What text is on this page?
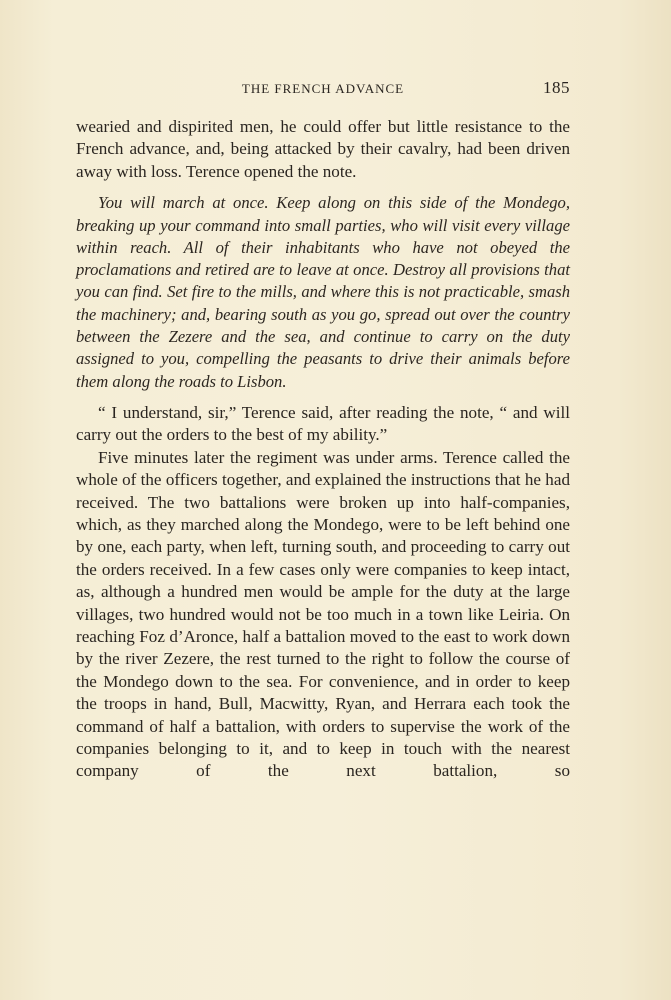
THE FRENCH ADVANCE	185

wearied and dispirited men, he could offer but little resistance to the French advance, and, being attacked by their cavalry, had been driven away with loss. Terence opened the note.

You will march at once. Keep along on this side of the Mondego, breaking up your command into small parties, who will visit every village within reach. All of their inhabitants who have not obeyed the proclamations and retired are to leave at once. Destroy all provisions that you can find. Set fire to the mills, and where this is not practicable, smash the machinery; and, bearing south as you go, spread out over the country between the Zezere and the sea, and continue to carry on the duty assigned to you, compelling the peasants to drive their animals before them along the roads to Lisbon.

“ I understand, sir,” Terence said, after reading the note, “ and will carry out the orders to the best of my ability.”

Five minutes later the regiment was under arms. Terence called the whole of the officers together, and explained the instructions that he had received. The two battalions were broken up into half-companies, which, as they marched along the Mondego, were to be left behind one by one, each party, when left, turning south, and proceeding to carry out the orders received. In a few cases only were companies to keep intact, as, although a hundred men would be ample for the duty at the large villages, two hundred would not be too much in a town like Leiria. On reaching Foz d’Aronce, half a battalion moved to the east to work down by the river Zezere, the rest turned to the right to follow the course of the Mondego down to the sea. For convenience, and in order to keep the troops in hand, Bull, Macwitty, Ryan, and Herrara each took the command of half a battalion, with orders to supervise the work of the companies belonging to it, and to keep in touch with the nearest company of the next battalion, so
